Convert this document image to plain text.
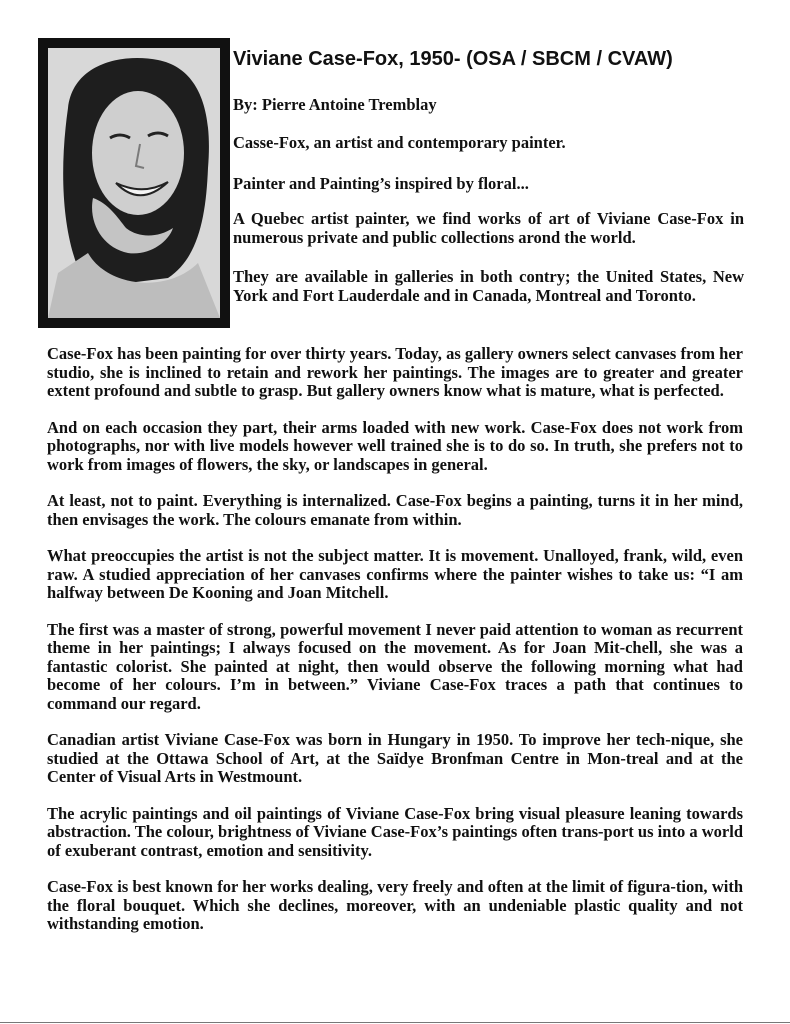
Viviane Case-Fox, 1950- (OSA / SBCM / CVAW)

By: Pierre Antoine Tremblay

Casse-Fox, an artist and contemporary painter.

Painter and Painting’s inspired by floral...

A Quebec artist painter, we find works of art of Viviane Case-Fox in numerous private and public collections arond the world.

They are available in galleries in both contry; the United States, New York and Fort Lauderdale and in Canada, Montreal and Toronto.

Case-Fox has been painting for over thirty years. Today, as gallery owners select canvases from her studio, she is inclined to retain and rework her paintings. The images are to greater and greater extent profound and subtle to grasp. But gallery owners know what is mature, what is perfected.

And on each occasion they part, their arms loaded with new work. Case-Fox does not work from photographs, nor with live models however well trained she is to do so. In truth, she prefers not to work from images of flowers, the sky, or landscapes in general.

At least, not to paint. Everything is internalized. Case-Fox begins a painting, turns it in her mind, then envisages the work. The colours emanate from within.

What preoccupies the artist is not the subject matter. It is movement. Unalloyed, frank, wild, even raw. A studied appreciation of her canvases confirms where the painter wishes to take us: “I am halfway between De Kooning and Joan Mitchell.

The first was a master of strong, powerful movement I never paid attention to woman as recurrent theme in her paintings; I always focused on the movement. As for Joan Mit-chell, she was a fantastic colorist. She painted at night, then would observe the following morning what had become of her colours. I’m in between.” Viviane Case-Fox traces a path that continues to command our regard.

Canadian artist Viviane Case-Fox was born in Hungary in 1950. To improve her tech-nique, she studied at the Ottawa School of Art, at the Saïdye Bronfman Centre in Mon-treal and at the Center of Visual Arts in Westmount.

The acrylic paintings and oil paintings of Viviane Case-Fox bring visual pleasure leaning towards abstraction. The colour, brightness of Viviane Case-Fox’s paintings often trans-port us into a world of exuberant contrast, emotion and sensitivity.

Case-Fox is best known for her works dealing, very freely and often at the limit of figura-tion, with the floral bouquet. Which she declines, moreover, with an undeniable plastic quality and not withstanding emotion.
